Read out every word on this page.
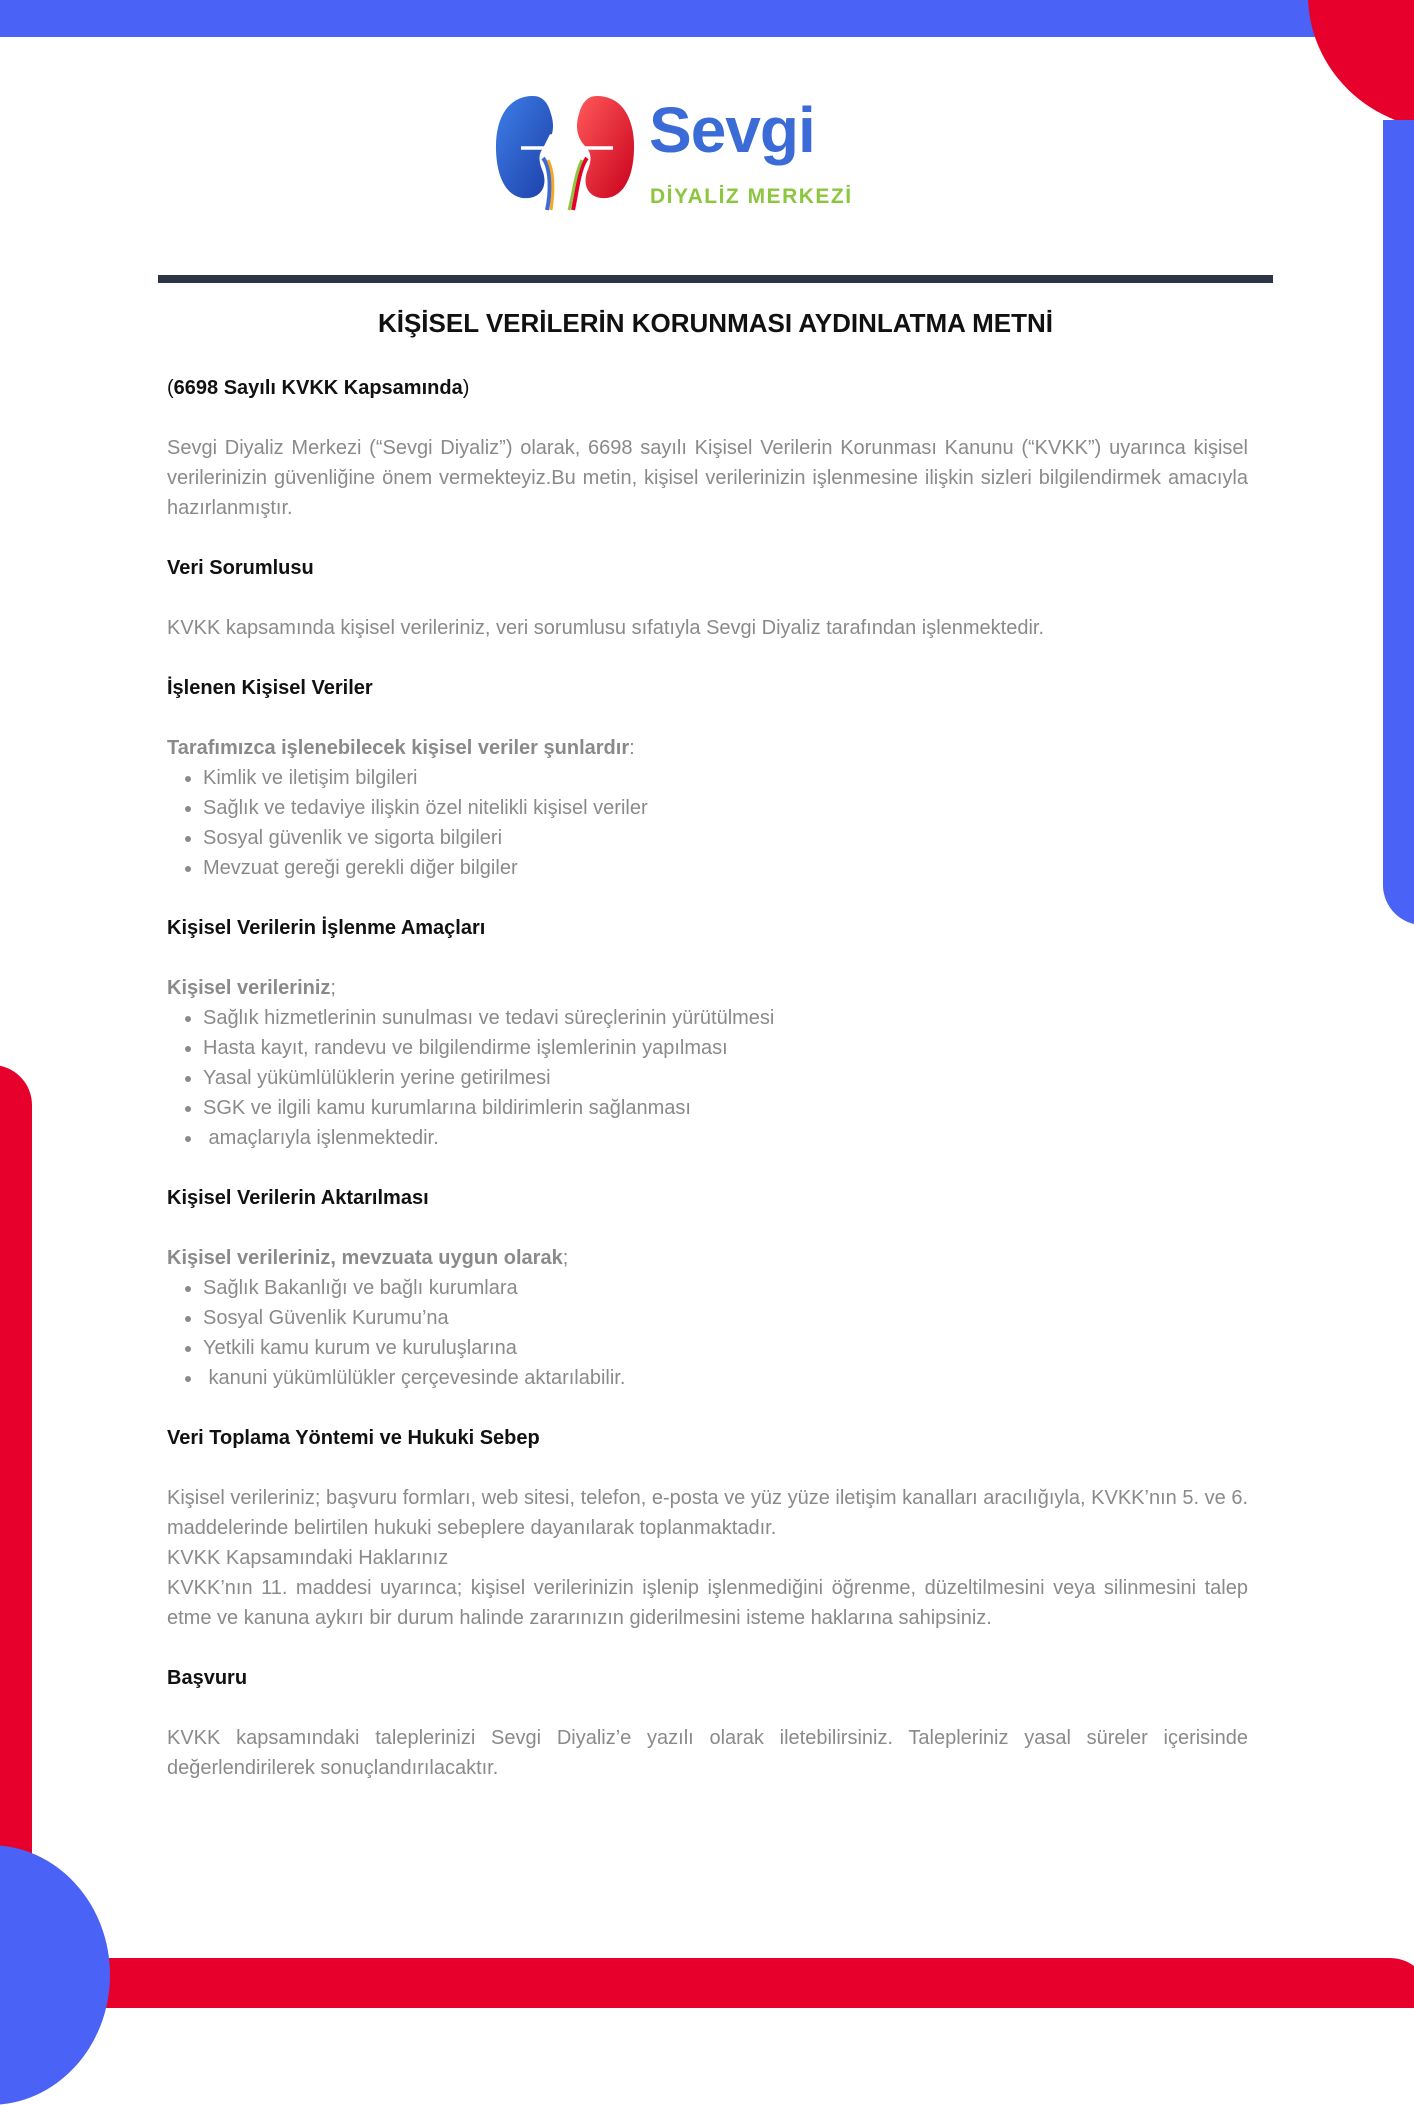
Sevgi
DİYALİZ MERKEZİ
KİŞİSEL VERİLERİN KORUNMASI AYDINLATMA METNİ

(6698 Sayılı KVKK Kapsamında)

Sevgi Diyaliz Merkezi (“Sevgi Diyaliz”) olarak, 6698 sayılı Kişisel Verilerin Korunması Kanunu (“KVKK”) uyarınca kişisel verilerinizin güvenliğine önem vermekteyiz.Bu metin, kişisel verilerinizin işlenmesine ilişkin sizleri bilgilendirmek amacıyla hazırlanmıştır.

Veri Sorumlusu

KVKK kapsamında kişisel verileriniz, veri sorumlusu sıfatıyla Sevgi Diyaliz tarafından işlenmektedir.

İşlenen Kişisel Veriler

Tarafımızca işlenebilecek kişisel veriler şunlardır:

• Kimlik ve iletişim bilgileri
• Sağlık ve tedaviye ilişkin özel nitelikli kişisel veriler
• Sosyal güvenlik ve sigorta bilgileri
• Mevzuat gereği gerekli diğer bilgiler

Kişisel Verilerin İşlenme Amaçları

Kişisel verileriniz;

• Sağlık hizmetlerinin sunulması ve tedavi süreçlerinin yürütülmesi
• Hasta kayıt, randevu ve bilgilendirme işlemlerinin yapılması
• Yasal yükümlülüklerin yerine getirilmesi
• SGK ve ilgili kamu kurumlarına bildirimlerin sağlanması
•  amaçlarıyla işlenmektedir.

Kişisel Verilerin Aktarılması

Kişisel verileriniz, mevzuata uygun olarak;

• Sağlık Bakanlığı ve bağlı kurumlara
• Sosyal Güvenlik Kurumu’na
• Yetkili kamu kurum ve kuruluşlarına
•  kanuni yükümlülükler çerçevesinde aktarılabilir.

Veri Toplama Yöntemi ve Hukuki Sebep

Kişisel verileriniz; başvuru formları, web sitesi, telefon, e-posta ve yüz yüze iletişim kanalları aracılığıyla, KVKK’nın 5. ve 6. maddelerinde belirtilen hukuki sebeplere dayanılarak toplanmaktadır.

KVKK Kapsamındaki Haklarınız

KVKK’nın 11. maddesi uyarınca; kişisel verilerinizin işlenip işlenmediğini öğrenme, düzeltilmesini veya silinmesini talep etme ve kanuna aykırı bir durum halinde zararınızın giderilmesini isteme haklarına sahipsiniz.

Başvuru

KVKK kapsamındaki taleplerinizi Sevgi Diyaliz’e yazılı olarak iletebilirsiniz. Talepleriniz yasal süreler içerisinde değerlendirilerek sonuçlandırılacaktır.
